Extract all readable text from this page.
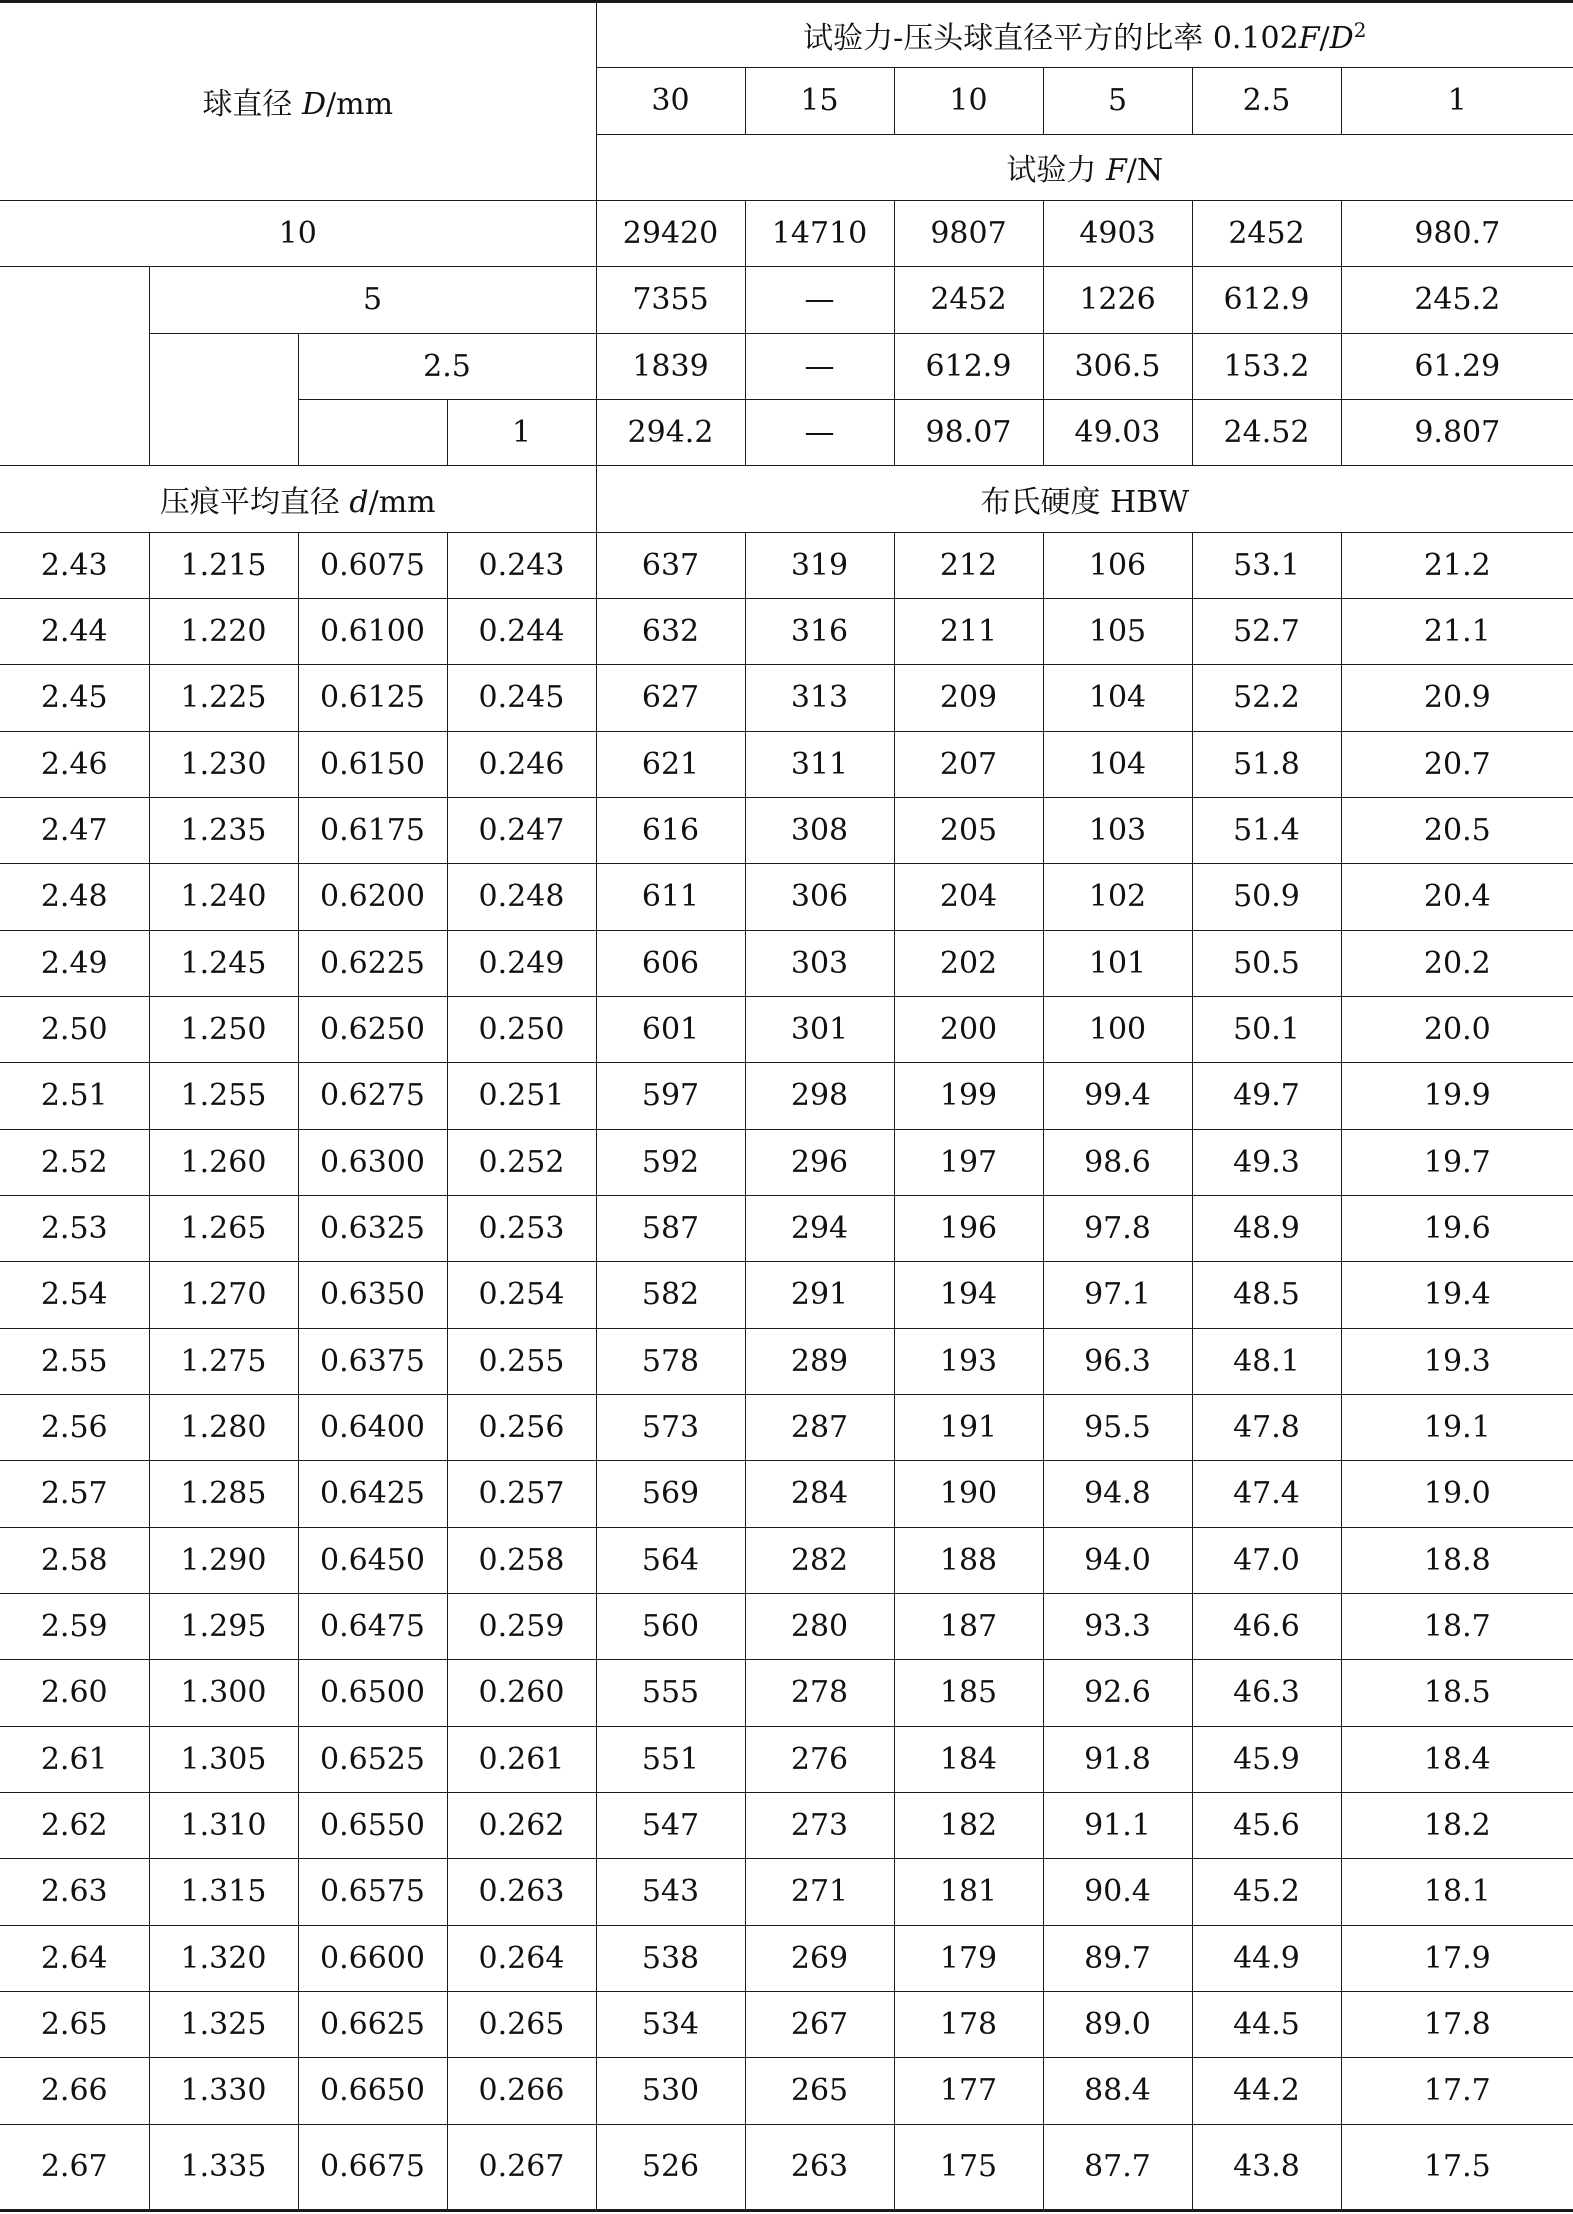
球直径 D/mm				试验力-压头球直径平方的比率 $0.102F/D^2$
				30	15	10	5	2.5	1
				试验力 F/N					
10				29420	14710	9807	4903	2452	980.7
	5			7355	—	2452	1226	612.9	245.2
		2.5		1839	—	612.9	306.5	153.2	61.29
			1	294.2	—	98.07	49.03	24.52	9.807
压痕平均直径 d/mm				布氏硬度 HBW					
2.43	1.215	0.6075	0.243	637	319	212	106	53.1	21.2
2.44	1.220	0.6100	0.244	632	316	211	105	52.7	21.1
2.45	1.225	0.6125	0.245	627	313	209	104	52.2	20.9
2.46	1.230	0.6150	0.246	621	311	207	104	51.8	20.7
2.47	1.235	0.6175	0.247	616	308	205	103	51.4	20.5
2.48	1.240	0.6200	0.248	611	306	204	102	50.9	20.4
2.49	1.245	0.6225	0.249	606	303	202	101	50.5	20.2
2.50	1.250	0.6250	0.250	601	301	200	100	50.1	20.0
2.51	1.255	0.6275	0.251	597	298	199	99.4	49.7	19.9
2.52	1.260	0.6300	0.252	592	296	197	98.6	49.3	19.7
2.53	1.265	0.6325	0.253	587	294	196	97.8	48.9	19.6
2.54	1.270	0.6350	0.254	582	291	194	97.1	48.5	19.4
2.55	1.275	0.6375	0.255	578	289	193	96.3	48.1	19.3
2.56	1.280	0.6400	0.256	573	287	191	95.5	47.8	19.1
2.57	1.285	0.6425	0.257	569	284	190	94.8	47.4	19.0
2.58	1.290	0.6450	0.258	564	282	188	94.0	47.0	18.8
2.59	1.295	0.6475	0.259	560	280	187	93.3	46.6	18.7
2.60	1.300	0.6500	0.260	555	278	185	92.6	46.3	18.5
2.61	1.305	0.6525	0.261	551	276	184	91.8	45.9	18.4
2.62	1.310	0.6550	0.262	547	273	182	91.1	45.6	18.2
2.63	1.315	0.6575	0.263	543	271	181	90.4	45.2	18.1
2.64	1.320	0.6600	0.264	538	269	179	89.7	44.9	17.9
2.65	1.325	0.6625	0.265	534	267	178	89.0	44.5	17.8
2.66	1.330	0.6650	0.266	530	265	177	88.4	44.2	17.7
2.67	1.335	0.6675	0.267	526	263	175	87.7	43.8	17.5
